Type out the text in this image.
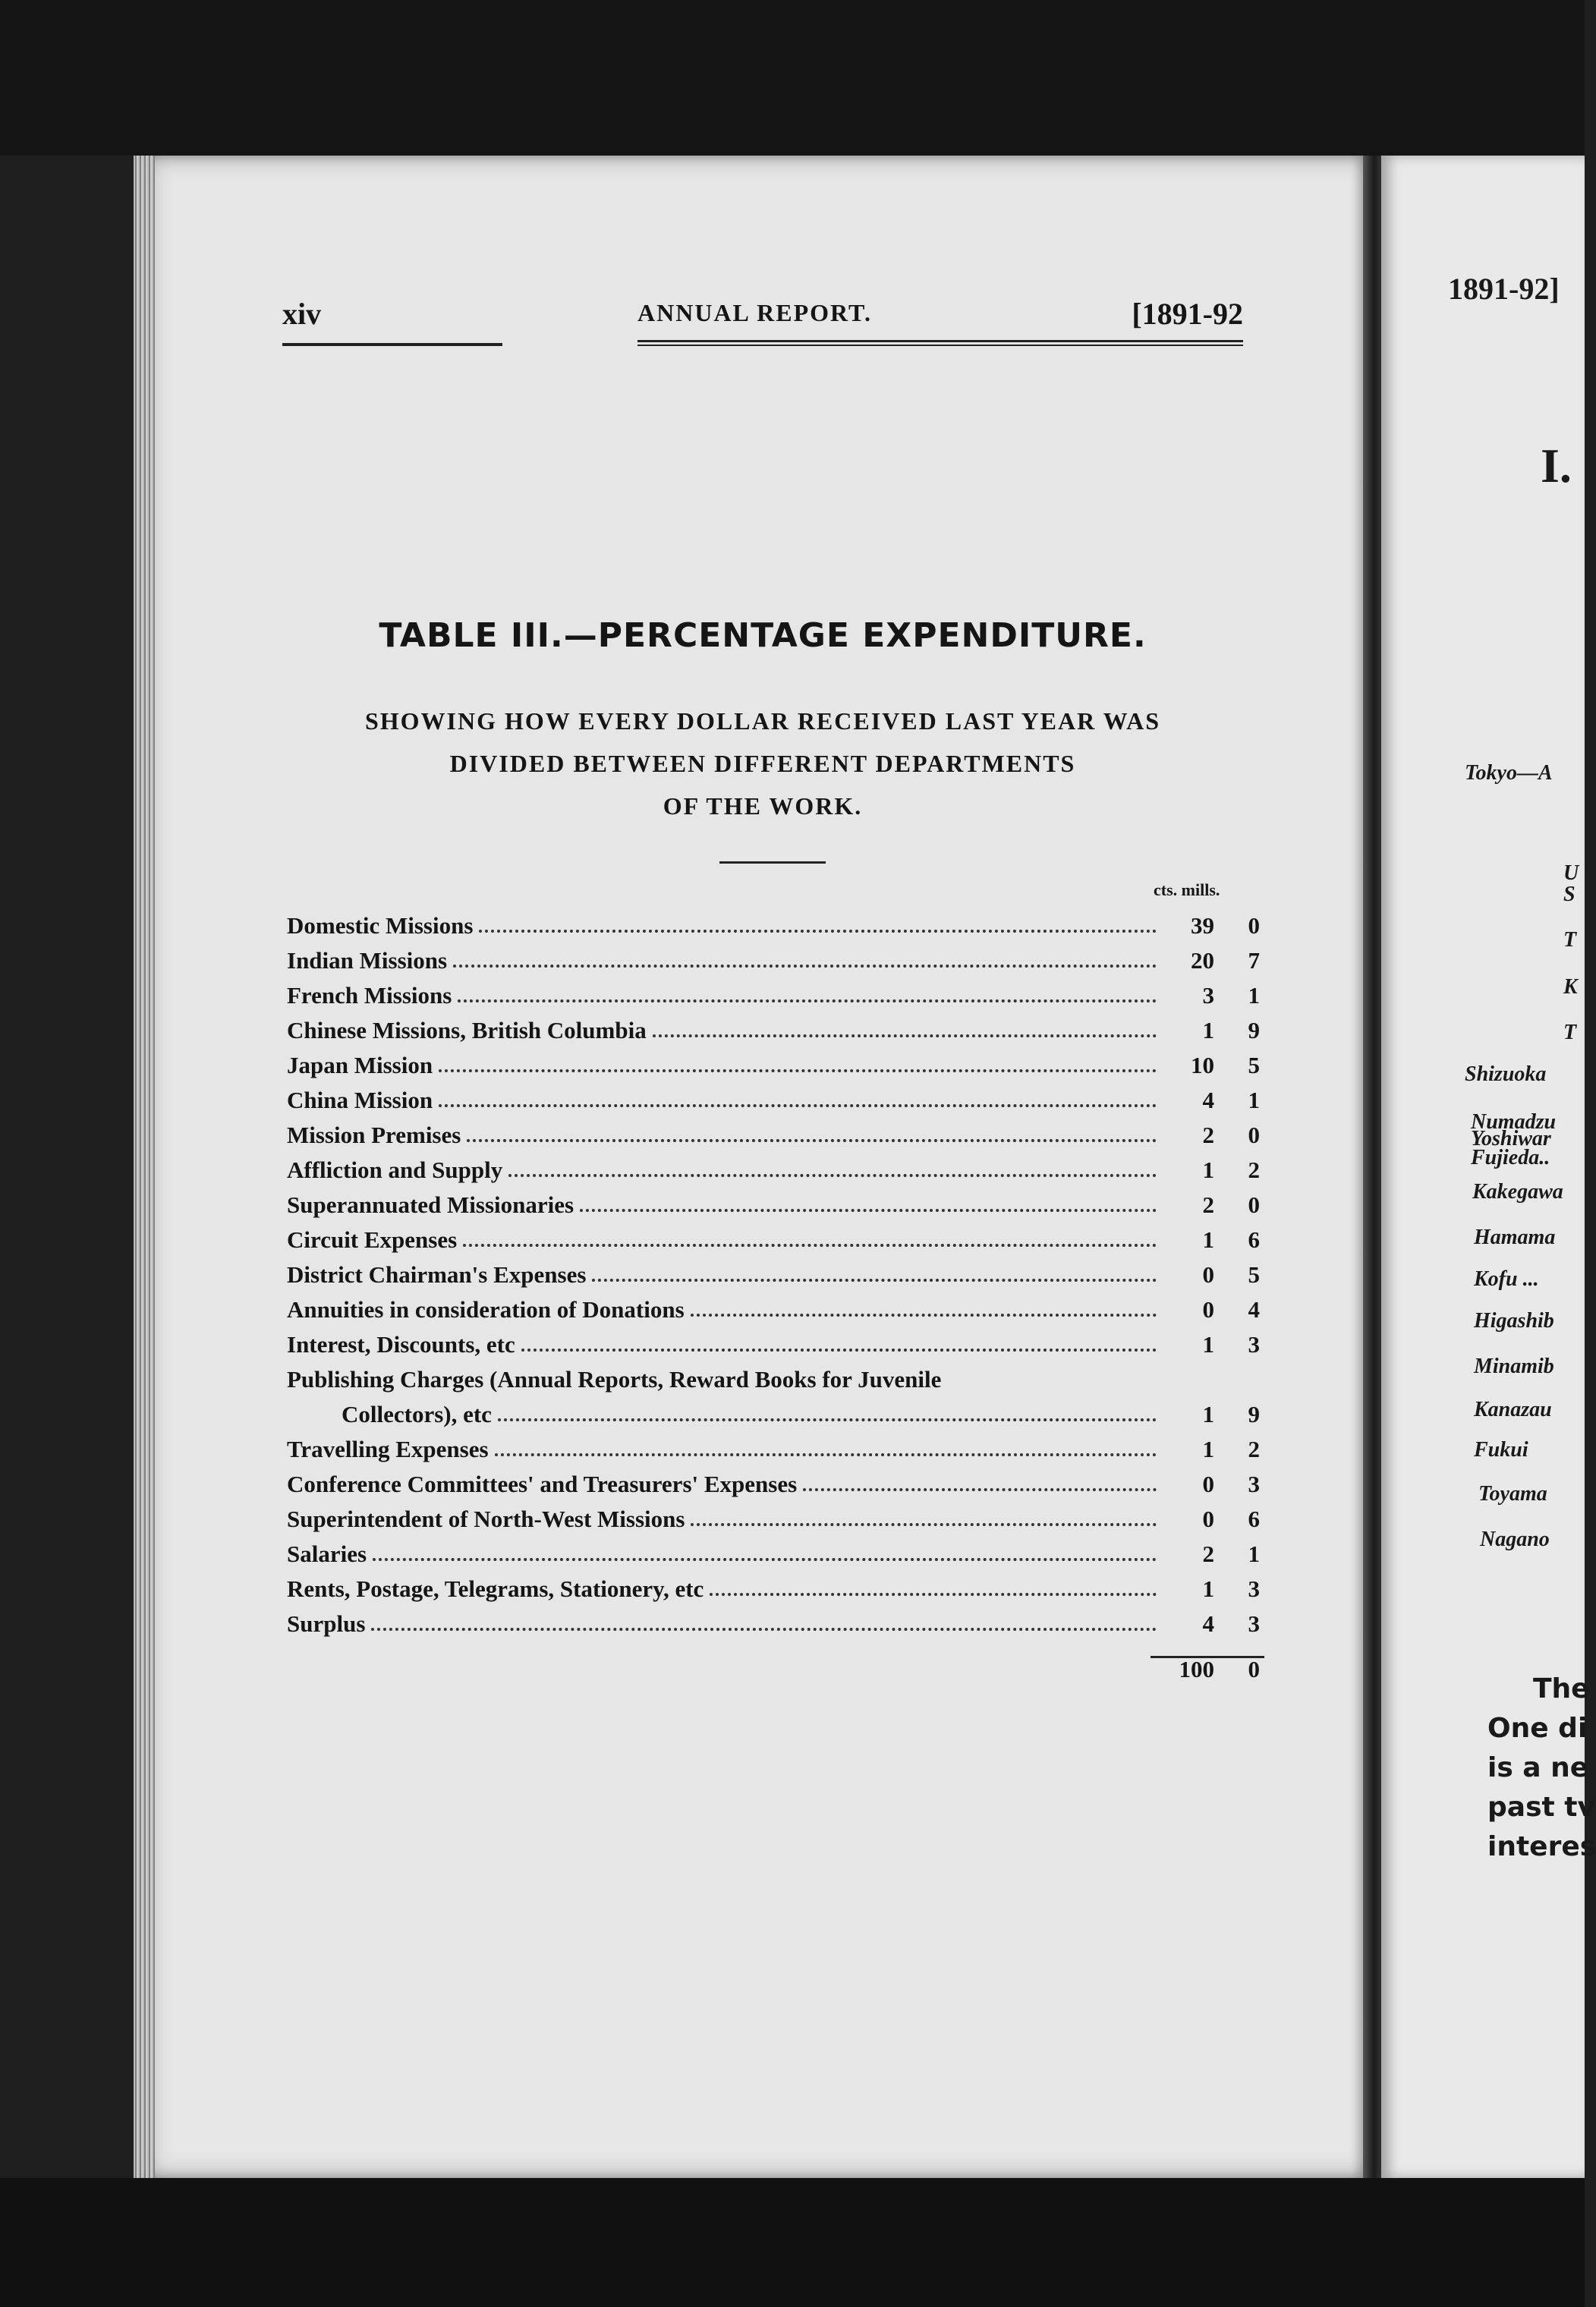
xiv	ANNUAL REPORT.	[1891-92
TABLE III.—PERCENTAGE EXPENDITURE.
SHOWING HOW EVERY DOLLAR RECEIVED LAST YEAR WAS
DIVIDED BETWEEN DIFFERENT DEPARTMENTS
OF THE WORK.
cts. mills.
Domestic Missions	39	0
Indian Missions	20	7
French Missions	3	1
Chinese Missions, British Columbia	1	9
Japan Mission	10	5
China Mission	4	1
Mission Premises	2	0
Affliction and Supply	1	2
Superannuated Missionaries	2	0
Circuit Expenses	1	6
District Chairman's Expenses	0	5
Annuities in consideration of Donations	0	4
Interest, Discounts, etc	1	3
Publishing Charges (Annual Reports, Reward Books for Juvenile
Collectors), etc	1	9
Travelling Expenses	1	2
Conference Committees' and Treasurers' Expenses	0	3
Superintendent of North-West Missions	0	6
Salaries	2	1
Rents, Postage, Telegrams, Stationery, etc	1	3
Surplus	4	3
100	0
1891-92]
I.
Tokyo—A
U
S
T
K
T
Shizuoka
Numadzu
Yoshiwar
Fujieda..
Kakegawa
Hamama
Kofu ...
Higashib
Minamib
Kanazau
Fukui
Toyama
Nagano
The
One di
is a ne
past tv
interes
